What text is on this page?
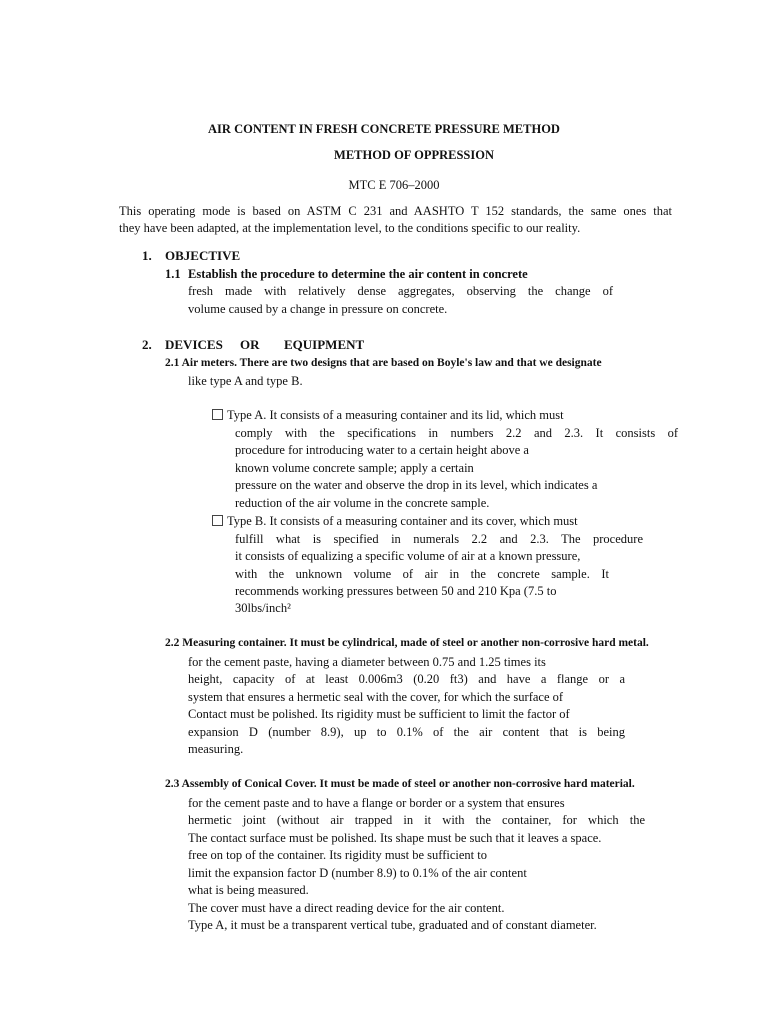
AIR CONTENT IN FRESH CONCRETE PRESSURE METHOD
METHOD OF OPPRESSION
MTC E 706–2000
This operating mode is based on ASTM C 231 and AASHTO T 152 standards, the same ones that
they have been adapted, at the implementation level, to the conditions specific to our reality.
1. OBJECTIVE
1.1 Establish the procedure to determine the air content in concrete
fresh made with relatively dense aggregates, observing the change of
volume caused by a change in pressure on concrete.
2. DEVICES OR EQUIPMENT
2.1 Air meters. There are two designs that are based on Boyle's law and that we designate
like type A and type B.
Type A. It consists of a measuring container and its lid, which must
comply with the specifications in numbers 2.2 and 2.3. It consists of
procedure for introducing water to a certain height above a
known volume concrete sample; apply a certain
pressure on the water and observe the drop in its level, which indicates a
reduction of the air volume in the concrete sample.
Type B. It consists of a measuring container and its cover, which must
fulfill what is specified in numerals 2.2 and 2.3. The procedure
it consists of equalizing a specific volume of air at a known pressure,
with the unknown volume of air in the concrete sample. It
recommends working pressures between 50 and 210 Kpa (7.5 to
30lbs/inch²
2.2 Measuring container. It must be cylindrical, made of steel or another non-corrosive hard metal.
for the cement paste, having a diameter between 0.75 and 1.25 times its
height, capacity of at least 0.006m3 (0.20 ft3) and have a flange or a
system that ensures a hermetic seal with the cover, for which the surface of
Contact must be polished. Its rigidity must be sufficient to limit the factor of
expansion D (number 8.9), up to 0.1% of the air content that is being
measuring.
2.3 Assembly of Conical Cover. It must be made of steel or another non-corrosive hard material.
for the cement paste and to have a flange or border or a system that ensures
hermetic joint (without air trapped in it with the container, for which the
The contact surface must be polished. Its shape must be such that it leaves a space.
free on top of the container. Its rigidity must be sufficient to
limit the expansion factor D (number 8.9) to 0.1% of the air content
what is being measured.
The cover must have a direct reading device for the air content.
Type A, it must be a transparent vertical tube, graduated and of constant diameter.
